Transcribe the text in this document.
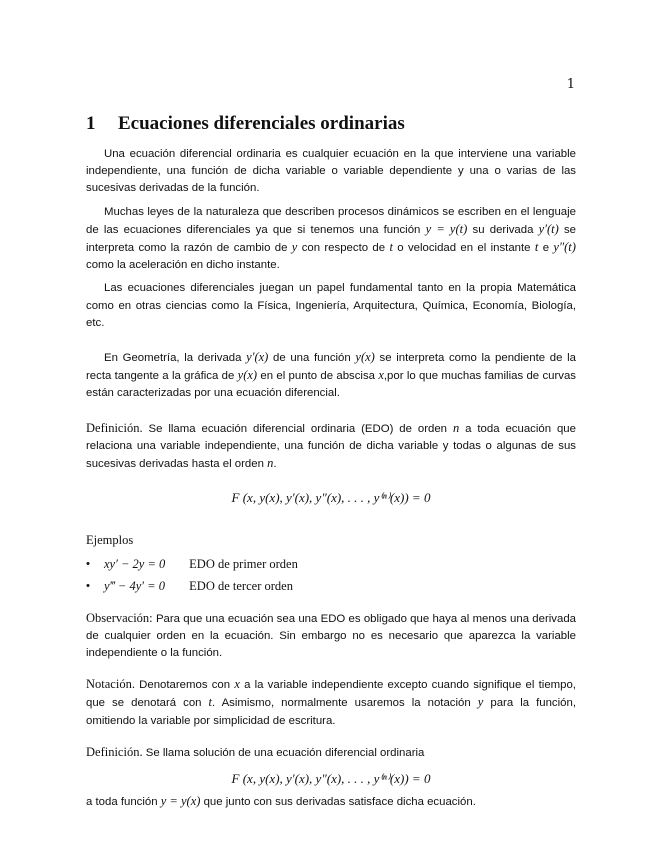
1
1 Ecuaciones diferenciales ordinarias

Una ecuación diferencial ordinaria es cualquier ecuación en la que interviene una variable independiente, una función de dicha variable o variable dependiente y una o varias de las sucesivas derivadas de la función.

Muchas leyes de la naturaleza que describen procesos dinámicos se escriben en el lenguaje de las ecuaciones diferenciales ya que si tenemos una función y = y(t) su derivada y′(t) se interpreta como la razón de cambio de y con respecto de t o velocidad en el instante t e y″(t) como la aceleración en dicho instante.

Las ecuaciones diferenciales juegan un papel fundamental tanto en la propia Matemática como en otras ciencias como la Física, Ingeniería, Arquitectura, Química, Economía, Biología, etc.

En Geometría, la derivada y′(x) de una función y(x) se interpreta como la pendiente de la recta tangente a la gráfica de y(x) en el punto de abscisa x,por lo que muchas familias de curvas están caracterizadas por una ecuación diferencial.

Definición. Se llama ecuación diferencial ordinaria (EDO) de orden n a toda ecuación que relaciona una variable independiente, una función de dicha variable y todas o algunas de sus sucesivas derivadas hasta el orden n.

F (x, y(x), y′(x), y″(x), . . . , y⁽ⁿ⁾(x)) = 0
Ejemplos
• xy′ − 2y = 0 EDO de primer orden
• y‴ − 4y′ = 0 EDO de tercer orden

Observación: Para que una ecuación sea una EDO es obligado que haya al menos una derivada de cualquier orden en la ecuación. Sin embargo no es necesario que aparezca la variable independiente o la función.

Notación. Denotaremos con x a la variable independiente excepto cuando signifique el tiempo, que se denotará con t. Asimismo, normalmente usaremos la notación y para la función, omitiendo la variable por simplicidad de escritura.

Definición. Se llama solución de una ecuación diferencial ordinaria

F (x, y(x), y′(x), y″(x), . . . , y⁽ⁿ⁾(x)) = 0

a toda función y = y(x) que junto con sus derivadas satisface dicha ecuación.
